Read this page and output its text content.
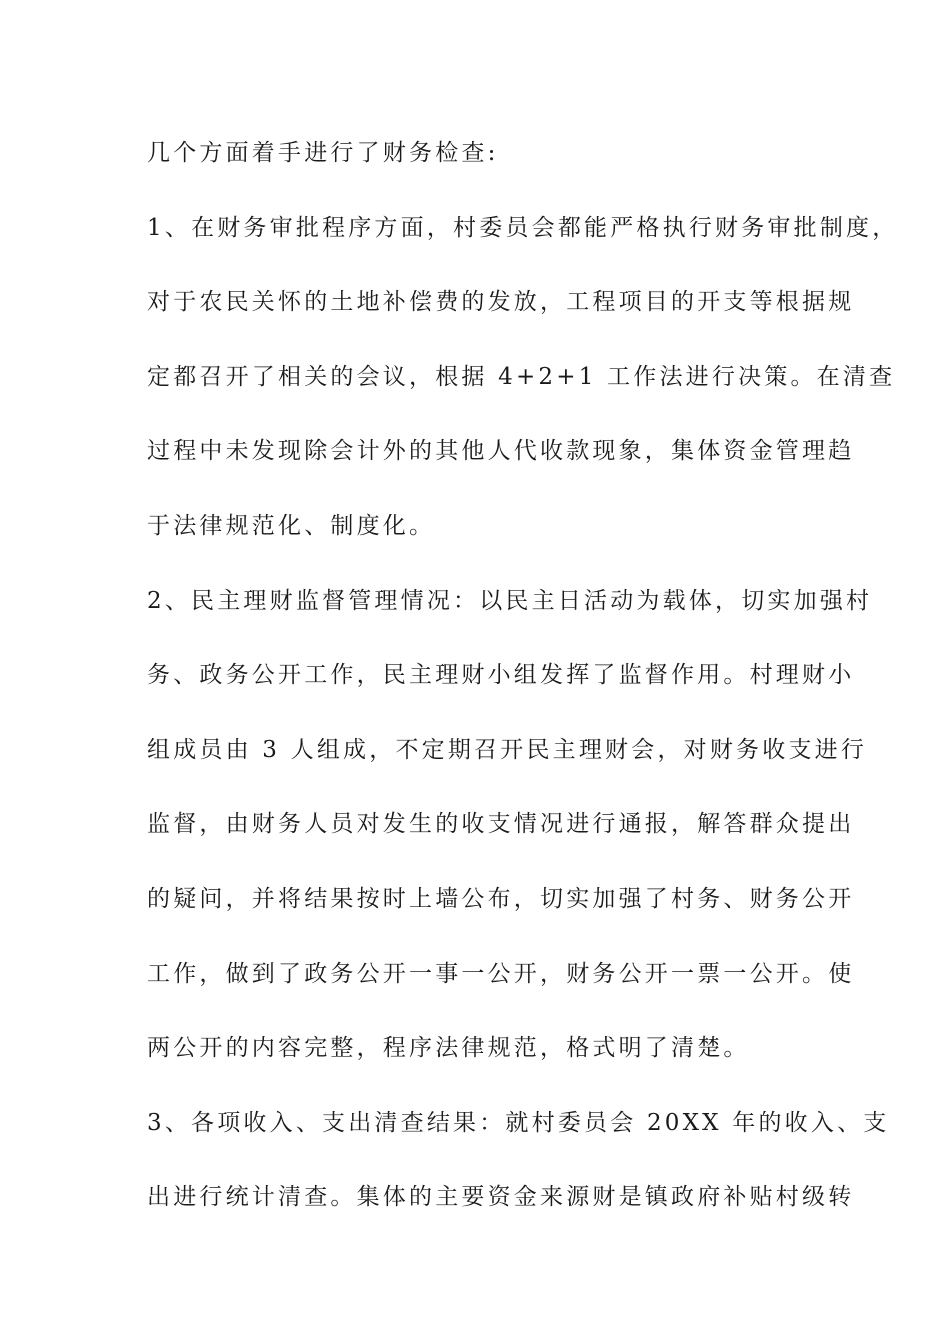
几个方面着手进行了财务检查:
1、在财务审批程序方面，村委员会都能严格执行财务审批制度，
对于农民关怀的土地补偿费的发放，工程项目的开支等根据规
定都召开了相关的会议，根据 4+2+1 工作法进行决策。在清查
过程中未发现除会计外的其他人代收款现象，集体资金管理趋
于法律规范化、制度化。
2、民主理财监督管理情况：以民主日活动为载体，切实加强村
务、政务公开工作，民主理财小组发挥了监督作用。村理财小
组成员由 3 人组成，不定期召开民主理财会，对财务收支进行
监督，由财务人员对发生的收支情况进行通报，解答群众提出
的疑问，并将结果按时上墙公布，切实加强了村务、财务公开
工作，做到了政务公开一事一公开，财务公开一票一公开。使
两公开的内容完整，程序法律规范，格式明了清楚。
3、各项收入、支出清查结果：就村委员会 20XX 年的收入、支
出进行统计清查。集体的主要资金来源财是镇政府补贴村级转
